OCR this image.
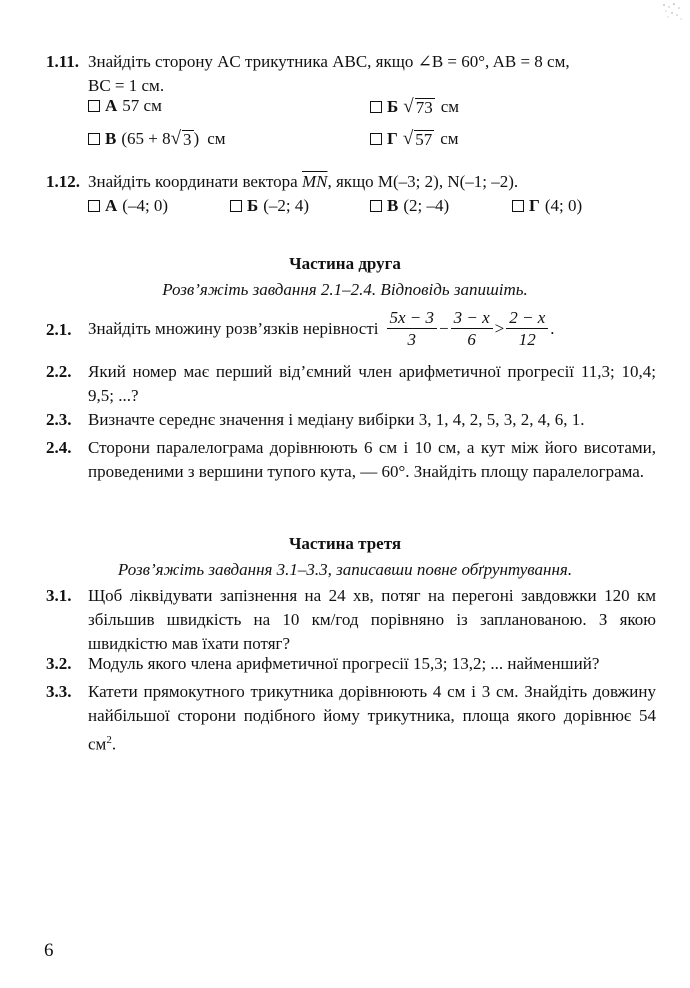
1.11. Знайдіть сторону AC трикутника ABC, якщо ∠B = 60°, AB = 8 см,
BC = 1 см.
А 57 см	Б √ 73 см
В (65 + 8 √ 3 ) см	Г √ 57 см
1.12. Знайдіть координати вектора $\overline{MN}$, якщо M(–3; 2), N(–1; –2).
А (–4; 0)	Б (–2; 4)	В (2; –4)	Г (4; 0)
Частина друга
Розв’яжіть завдання 2.1–2.4. Відповідь запишіть.
2.1. Знайдіть множину розв’язків нерівності $\frac{5x - 3}{3} - \frac{3 - x}{6} > \frac{2 - x}{12}$ .
2.2. Який номер має перший від’ємний член арифметичної прогресії 11,3; 10,4; 9,5; ...?
2.3. Визначте середнє значення і медіану вибірки 3, 1, 4, 2, 5, 3, 2, 4, 6, 1.
2.4. Сторони паралелограма дорівнюють 6 см і 10 см, а кут між його висотами, проведеними з вершини тупого кута, — 60°. Знайдіть площу паралелограма.
Частина третя
Розв’яжіть завдання 3.1–3.3, записавши повне обґрунтування.
3.1. Щоб ліквідувати запізнення на 24 хв, потяг на перегоні завдовжки 120 км збільшив швидкість на 10 км/год порівняно із запланованою. З якою швидкістю мав їхати потяг?
3.2. Модуль якого члена арифметичної прогресії 15,3; 13,2; ... найменший?
3.3. Катети прямокутного трикутника дорівнюють 4 см і 3 см. Знайдіть довжину найбільшої сторони подібного йому трикутника, площа якого дорівнює 54 $см^2$.
6
